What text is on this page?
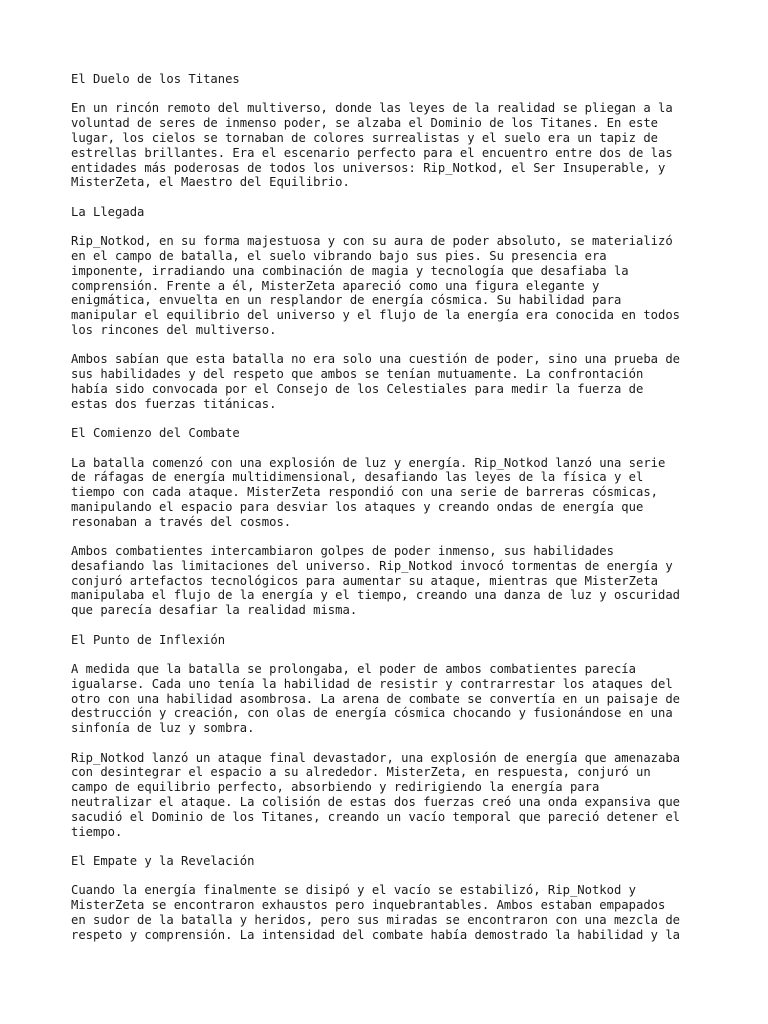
El Duelo de los Titanes
En un rincón remoto del multiverso, donde las leyes de la realidad se pliegan a la
voluntad de seres de inmenso poder, se alzaba el Dominio de los Titanes. En este
lugar, los cielos se tornaban de colores surrealistas y el suelo era un tapiz de
estrellas brillantes. Era el escenario perfecto para el encuentro entre dos de las
entidades más poderosas de todos los universos: Rip_Notkod, el Ser Insuperable, y
MisterZeta, el Maestro del Equilibrio.
La Llegada
Rip_Notkod, en su forma majestuosa y con su aura de poder absoluto, se materializó
en el campo de batalla, el suelo vibrando bajo sus pies. Su presencia era
imponente, irradiando una combinación de magia y tecnología que desafiaba la
comprensión. Frente a él, MisterZeta apareció como una figura elegante y
enigmática, envuelta en un resplandor de energía cósmica. Su habilidad para
manipular el equilibrio del universo y el flujo de la energía era conocida en todos
los rincones del multiverso.
Ambos sabían que esta batalla no era solo una cuestión de poder, sino una prueba de
sus habilidades y del respeto que ambos se tenían mutuamente. La confrontación
había sido convocada por el Consejo de los Celestiales para medir la fuerza de
estas dos fuerzas titánicas.
El Comienzo del Combate
La batalla comenzó con una explosión de luz y energía. Rip_Notkod lanzó una serie
de ráfagas de energía multidimensional, desafiando las leyes de la física y el
tiempo con cada ataque. MisterZeta respondió con una serie de barreras cósmicas,
manipulando el espacio para desviar los ataques y creando ondas de energía que
resonaban a través del cosmos.
Ambos combatientes intercambiaron golpes de poder inmenso, sus habilidades
desafiando las limitaciones del universo. Rip_Notkod invocó tormentas de energía y
conjuró artefactos tecnológicos para aumentar su ataque, mientras que MisterZeta
manipulaba el flujo de la energía y el tiempo, creando una danza de luz y oscuridad
que parecía desafiar la realidad misma.
El Punto de Inflexión
A medida que la batalla se prolongaba, el poder de ambos combatientes parecía
igualarse. Cada uno tenía la habilidad de resistir y contrarrestar los ataques del
otro con una habilidad asombrosa. La arena de combate se convertía en un paisaje de
destrucción y creación, con olas de energía cósmica chocando y fusionándose en una
sinfonía de luz y sombra.
Rip_Notkod lanzó un ataque final devastador, una explosión de energía que amenazaba
con desintegrar el espacio a su alrededor. MisterZeta, en respuesta, conjuró un
campo de equilibrio perfecto, absorbiendo y redirigiendo la energía para
neutralizar el ataque. La colisión de estas dos fuerzas creó una onda expansiva que
sacudió el Dominio de los Titanes, creando un vacío temporal que pareció detener el
tiempo.
El Empate y la Revelación
Cuando la energía finalmente se disipó y el vacío se estabilizó, Rip_Notkod y
MisterZeta se encontraron exhaustos pero inquebrantables. Ambos estaban empapados
en sudor de la batalla y heridos, pero sus miradas se encontraron con una mezcla de
respeto y comprensión. La intensidad del combate había demostrado la habilidad y la
